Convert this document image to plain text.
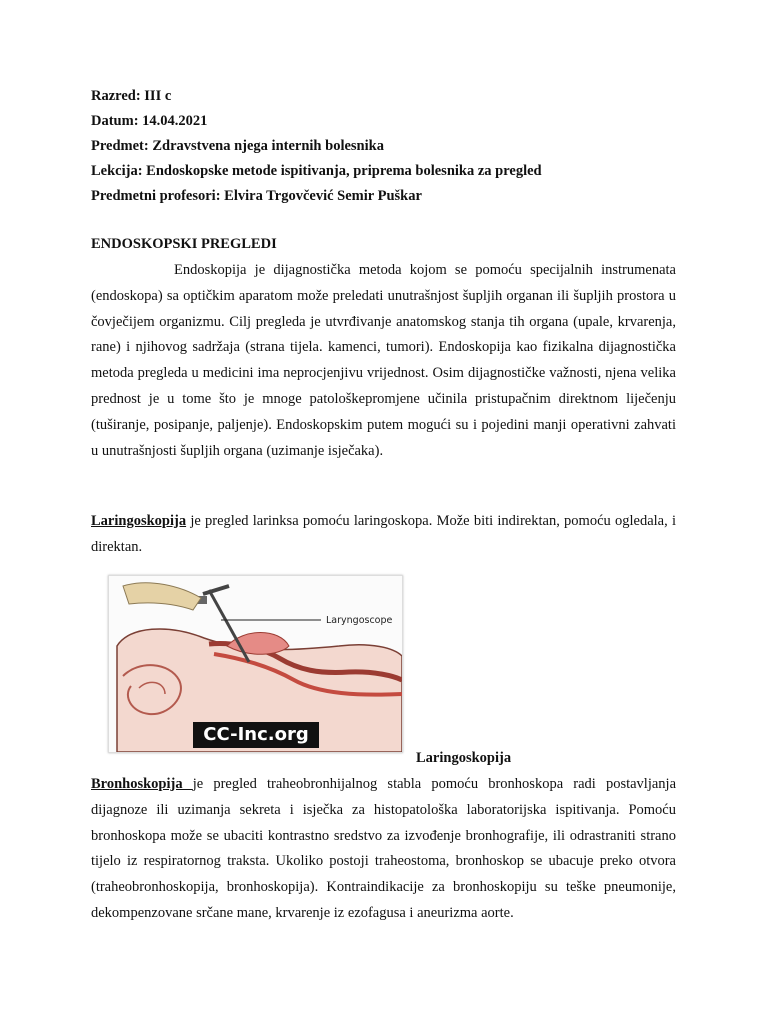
Razred: III c
Datum: 14.04.2021
Predmet: Zdravstvena njega internih bolesnika
Lekcija: Endoskopske metode ispitivanja, priprema bolesnika za pregled
Predmetni profesori: Elvira Trgovčević Semir Puškar
ENDOSKOPSKI PREGLEDI

Endoskopija je dijagnostička metoda kojom se pomoću specijalnih instrumenata (endoskopa) sa optičkim aparatom može preledati unutrašnjost šupljih organan ili šupljih prostora u čovječijem organizmu. Cilj pregleda je utvrđivanje anatomskog stanja tih organa (upale, krvarenja, rane) i njihovog sadržaja (strana tijela. kamenci, tumori). Endoskopija kao fizikalna dijagnostička metoda pregleda u medicini ima neprocjenjivu vrijednost. Osim dijagnostičke važnosti, njena velika prednost je u tome što je mnoge patološkepromjene učinila pristupačnim direktnom liječenju (tuširanje, posipanje, paljenje). Endoskopskim putem mogući su i pojedini manji operativni zahvati u unutrašnjosti šupljih organa (uzimanje isječaka).

Laringoskopija je pregled larinksa pomoću laringoskopa. Može biti indirektan, pomoću ogledala, i direktan.

Laryngoscope
CC-Inc.org
Laringoskopija

Bronhoskopija je pregled traheobronhijalnog stabla pomoću bronhoskopa radi postavljanja dijagnoze ili uzimanja sekreta i isječka za histopatološka laboratorijska ispitivanja. Pomoću bronhoskopa može se ubaciti kontrastno sredstvo za izvođenje bronhografije, ili odrastraniti strano tijelo iz respiratornog traksta. Ukoliko postoji traheostoma, bronhoskop se ubacuje preko otvora (traheobronhoskopija, bronhoskopija). Kontraindikacije za bronhoskopiju su teške pneumonije, dekompenzovane srčane mane, krvarenje iz ezofagusa i aneurizma aorte.
